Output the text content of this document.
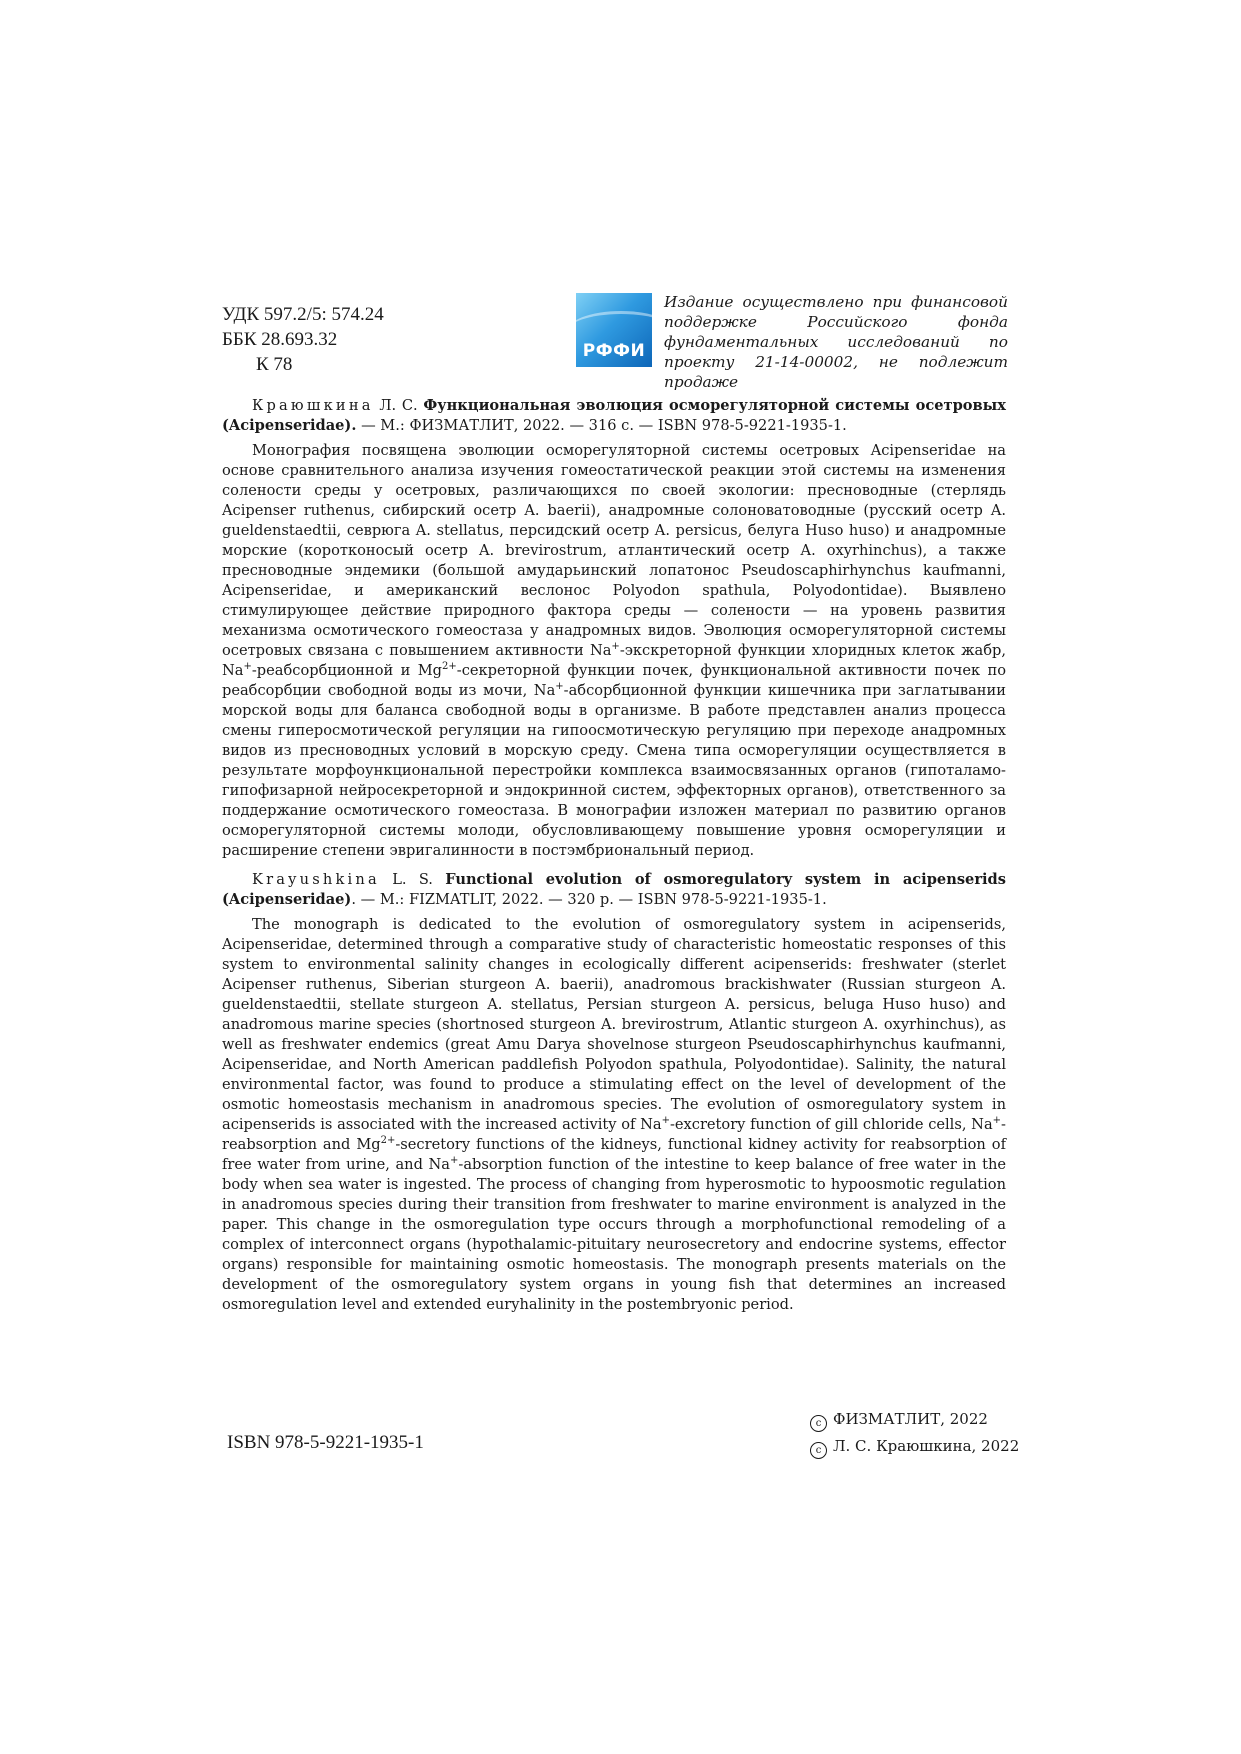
УДК 597.2/5: 574.24
ББК 28.693.32
К 78
РФФИ
Издание осуществлено при финансовой поддержке Российского фонда фундаментальных исследований по проекту 21-14-00002, не подлежит продаже

Краюшкина Л. С. Функциональная эволюция осморегуляторной системы осетровых (Acipenseridae). — М.: ФИЗМАТЛИТ, 2022. — 316 с. — ISBN 978-5-9221-1935-1.

Монография посвящена эволюции осморегуляторной системы осетровых Acipenseridae на основе сравнительного анализа изучения гомеостатической реакции этой системы на изменения солености среды у осетровых, различающихся по своей экологии: пресноводные (стерлядь Acipenser ruthenus, сибирский осетр A. baerii), анадромные солоноватоводные (русский осетр A. gueldenstaedtii, севрюга A. stellatus, персидский осетр A. persicus, белуга Huso huso) и анадромные морские (коротконосый осетр A. brevirostrum, атлантический осетр A. oxyrhinchus), а также пресноводные эндемики (большой амударьинский лопатонос Pseudoscaphirhynchus kaufmanni, Acipenseridae, и американский веслонос Polyodon spathula, Polyodontidae). Выявлено стимулирующее действие природного фактора среды — солености — на уровень развития механизма осмотического гомеостаза у анадромных видов. Эволюция осморегуляторной системы осетровых связана с повышением активности Na+-экскреторной функции хлоридных клеток жабр, Na+-реабсорбционной и $Mg^{2+}$-секреторной функции почек, функциональной активности почек по реабсорбции свободной воды из мочи, Na+-абсорбционной функции кишечника при заглатывании морской воды для баланса свободной воды в организме. В работе представлен анализ процесса смены гиперосмотической регуляции на гипоосмотическую регуляцию при переходе анадромных видов из пресноводных условий в морскую среду. Смена типа осморегуляции осуществляется в результате морфоункциональной перестройки комплекса взаимосвязанных органов (гипоталамо-гипофизарной нейросекреторной и эндокринной систем, эффекторных органов), ответственного за поддержание осмотического гомеостаза. В монографии изложен материал по развитию органов осморегуляторной системы молоди, обусловливающему повышение уровня осморегуляции и расширение степени эвригалинности в постэмбриональный период.

Krayushkina L. S. Functional evolution of osmoregulatory system in acipenserids (Acipenseridae). — M.: FIZMATLIT, 2022. — 320 p. — ISBN 978-5-9221-1935-1.

The monograph is dedicated to the evolution of osmoregulatory system in acipenserids, Acipenseridae, determined through a comparative study of characteristic homeostatic responses of this system to environmental salinity changes in ecologically different acipenserids: freshwater (sterlet Acipenser ruthenus, Siberian sturgeon A. baerii), anadromous brackishwater (Russian sturgeon A. gueldenstaedtii, stellate sturgeon A. stellatus, Persian sturgeon A. persicus, beluga Huso huso) and anadromous marine species (shortnosed sturgeon A. brevirostrum, Atlantic sturgeon A. oxyrhinchus), as well as freshwater endemics (great Amu Darya shovelnose sturgeon Pseudoscaphirhynchus kaufmanni, Acipenseridae, and North American paddlefish Polyodon spathula, Polyodontidae). Salinity, the natural environmental factor, was found to produce a stimulating effect on the level of development of the osmotic homeostasis mechanism in anadromous species. The evolution of osmoregulatory system in acipenserids is associated with the increased activity of Na+-excretory function of gill chloride cells, Na+-reabsorption and $Mg^{2+}$-secretory functions of the kidneys, functional kidney activity for reabsorption of free water from urine, and Na+-absorption function of the intestine to keep balance of free water in the body when sea water is ingested. The process of changing from hyperosmotic to hypoosmotic regulation in anadromous species during their transition from freshwater to marine environment is analyzed in the paper. This change in the osmoregulation type occurs through a morphofunctional remodeling of a complex of interconnect organs (hypothalamic-pituitary neurosecretory and endocrine systems, effector organs) responsible for maintaining osmotic homeostasis. The monograph presents materials on the development of the osmoregulatory system organs in young fish that determines an increased osmoregulation level and extended euryhalinity in the postembryonic period.

ISBN 978-5-9221-1935-1
c ФИЗМАТЛИТ, 2022
c Л. С. Краюшкина, 2022
